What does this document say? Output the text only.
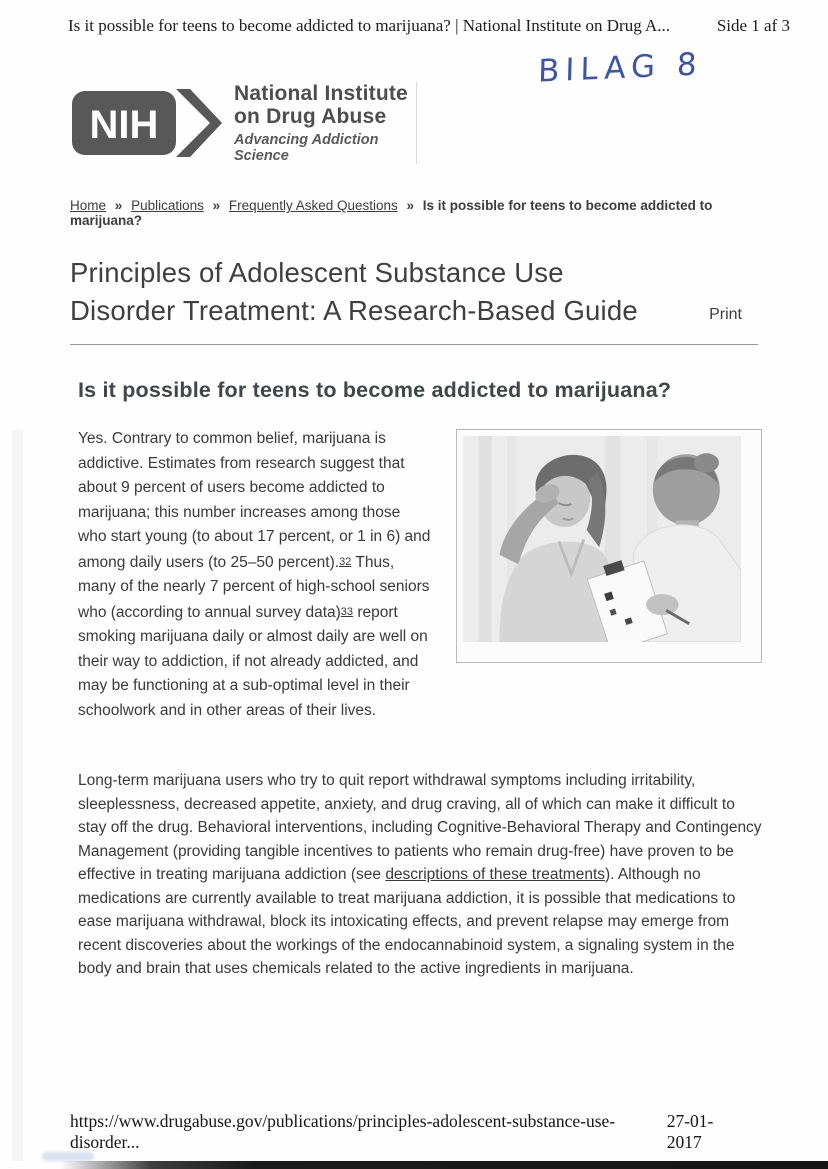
Is it possible for teens to become addicted to marijuana? | National Institute on Drug A...	Side 1 af 3
BILAG 8
NIH
National Institute
on Drug Abuse
Advancing Addiction Science
Home » Publications » Frequently Asked Questions » Is it possible for teens to become addicted to marijuana?
Principles of Adolescent Substance Use Disorder Treatment: A Research-Based Guide	Print
Is it possible for teens to become addicted to marijuana?

Yes. Contrary to common belief, marijuana is addictive. Estimates from research suggest that about 9 percent of users become addicted to marijuana; this number increases among those who start young (to about 17 percent, or 1 in 6) and among daily users (to 25–50 percent).32 Thus, many of the nearly 7 percent of high-school seniors who (according to annual survey data)33 report smoking marijuana daily or almost daily are well on their way to addiction, if not already addicted, and may be functioning at a sub-optimal level in their schoolwork and in other areas of their lives.

Long-term marijuana users who try to quit report withdrawal symptoms including irritability, sleeplessness, decreased appetite, anxiety, and drug craving, all of which can make it difficult to stay off the drug. Behavioral interventions, including Cognitive-Behavioral Therapy and Contingency Management (providing tangible incentives to patients who remain drug-free) have proven to be effective in treating marijuana addiction (see descriptions of these treatments). Although no medications are currently available to treat marijuana addiction, it is possible that medications to ease marijuana withdrawal, block its intoxicating effects, and prevent relapse may emerge from recent discoveries about the workings of the endocannabinoid system, a signaling system in the body and brain that uses chemicals related to the active ingredients in marijuana.

https://www.drugabuse.gov/publications/principles-adolescent-substance-use-disorder...
27-01-2017
